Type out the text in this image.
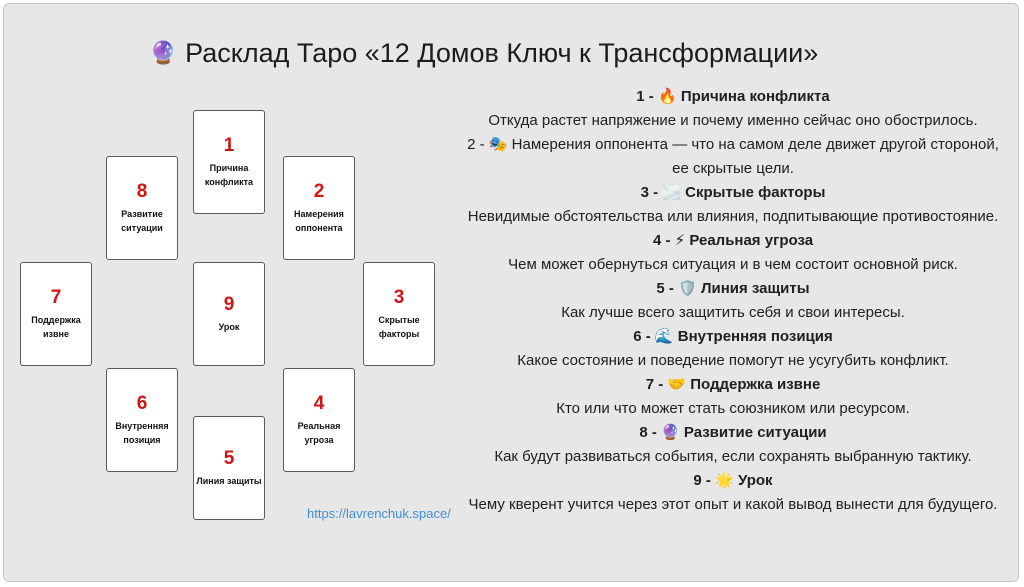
🔮 Расклад Таро «12 Домов Ключ к Трансформации»
1
Причина конфликта	2
Намерения оппонента
3
Скрытые факторы
4
Реальная угроза
5
Линия защиты
6
Внутренняя позиция
7
Поддержка извне
8
Развитие ситуации
9
Урок
https://lavrenchuk.space/
1 - 🔥 Причина конфликта
Откуда растет напряжение и почему именно сейчас оно обострилось.
2 - 🎭 Намерения оппонента — что на самом деле движет другой стороной, ее скрытые цели.
3 - 🌫️ Скрытые факторы
Невидимые обстоятельства или влияния, подпитывающие противостояние.
4 - ⚡ Реальная угроза
Чем может обернуться ситуация и в чем состоит основной риск.
5 - 🛡️ Линия защиты
Как лучше всего защитить себя и свои интересы.
6 - 🌊 Внутренняя позиция
Какое состояние и поведение помогут не усугубить конфликт.
7 - 🤝 Поддержка извне
Кто или что может стать союзником или ресурсом.
8 - 🔮 Развитие ситуации
Как будут развиваться события, если сохранять выбранную тактику.
9 - 🌟 Урок
Чему кверент учится через этот опыт и какой вывод вынести для будущего.
